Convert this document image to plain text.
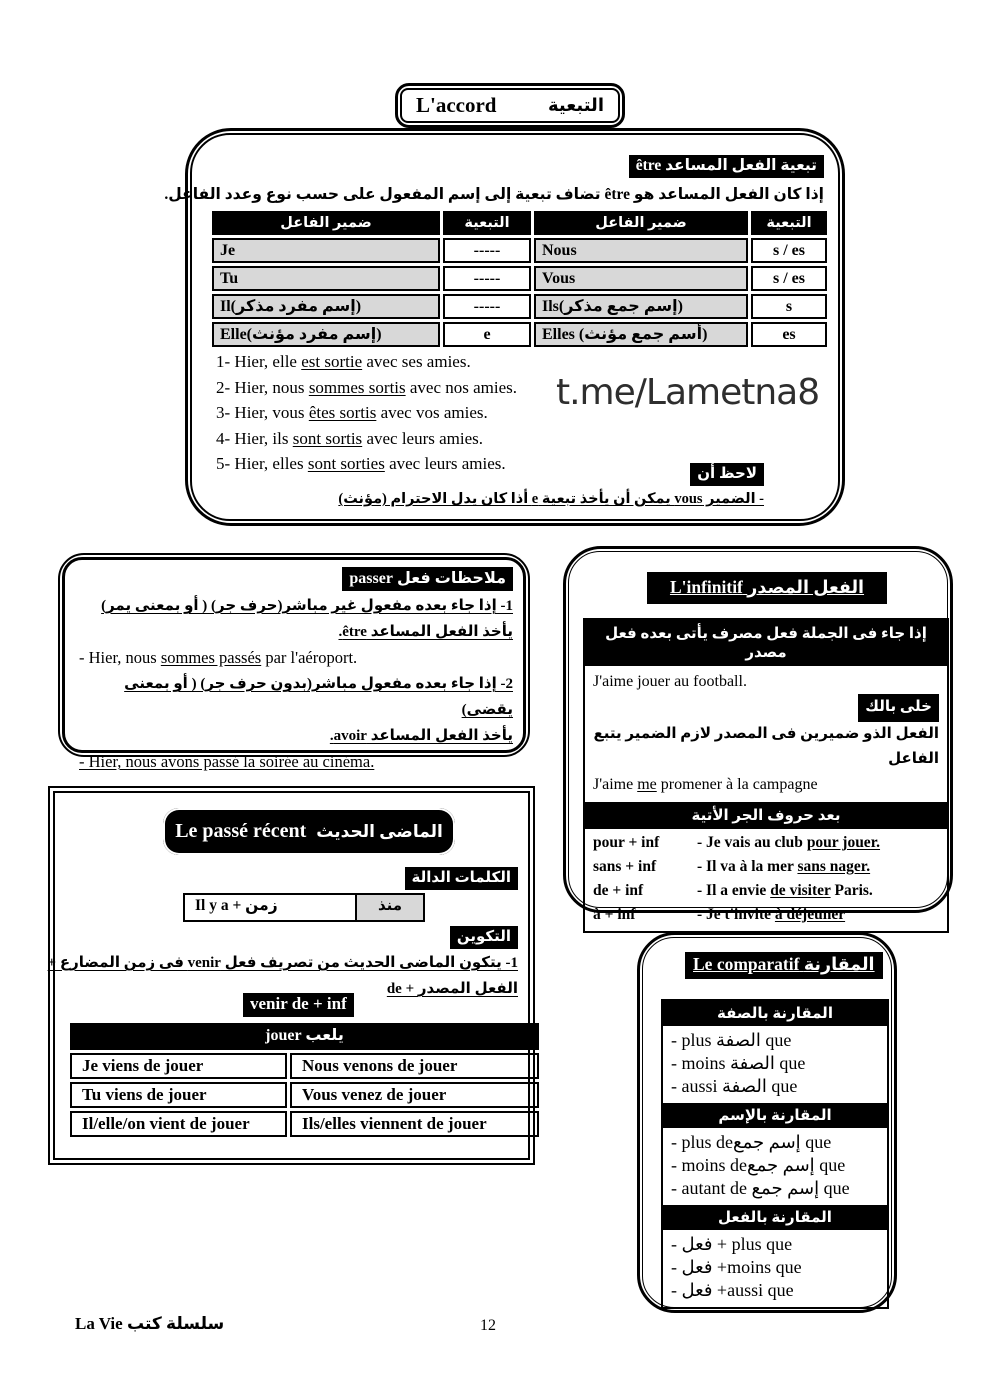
L'accord	التبعية
تبعية الفعل المساعد être
إذا كان الفعل المساعد هو être تضاف تبعية إلى إسم المفعول على حسب نوع وعدد الفاعل.
ضمير الفاعل	التبعية	ضمير الفاعل	التبعية
Je	-----	Nous	s / es
Tu	-----	Vous	s / es
Il(إسم مفرد مذكر)	-----	Ils(إسم جمع مذكر)	s
Elle(إسم مفرد مؤنث)	e	Elles (أسم جمع مؤنث)	es
1- Hier, elle est sortie avec ses amies.
2- Hier, nous sommes sortis avec nos amies.
3- Hier, vous êtes sortis avec vos amies.
4- Hier, ils sont sortis avec leurs amies.
5- Hier, elles sont sorties avec leurs amies.
لاحظ أن
- الضمير vous يمكن أن يأخذ تبعية e أذا كان يدل الاحترام (مؤنث)
t.me/Lametna8
ملاحظات فعل passer
1- إذا جاء بعده مفعول غير مباشر(حرف جر) ( أو بمعنى يمر)
يأخذ الفعل المساعد être.
- Hier, nous sommes passés par l'aéroport.
2- إذا جاء بعده مفعول مباشر(بدون حرف جر) ( أو بمعنى يقضى)
يأخذ الفعل المساعد avoir.
- Hier, nous avons passé la soirée au cinéma.
الفعل المصدر L'infinitif
إذا جاء فى الجملة فعل مصرف يأتى بعده فعل مصدر
J'aime jouer au football.
خلى بالك
الفعل الذو ضميرين فى المصدر لازم الضمير يتبع الفاعل
J'aime me promener à la campagne
بعد حروف الجر الأتية
pour + inf	- Je vais au club pour jouer.
sans + inf	- Il va à la mer sans nager.
de + inf	- Il a envie de visiter Paris.
à + inf	- Je t'invite à déjeuner
الماضى الحديث
Le passé récent
الكلمات الدالة
Il y a + زمن	منذ
التكوين
1- يتكون الماضى الحديث من تصريف فعل venir فى زمن المضارع +
de + الفعل المصدر
venir de + inf
jouer يلعب
Je viens de jouer	Nous venons de jouer
Tu viens de jouer	Vous venez de jouer
Il/elle/on vient de jouer	Ils/elles viennent de jouer
المقارنة Le comparatif
المقارنة بالصفة
- plus الصفة que
- moins الصفة que
- aussi الصفة que
المقارنة بالإسم
- plus deإسم جمع que
- moins deإسم جمع que
- autant de إسم جمع que
المقارنة بالفعل
- فعل + plus que
- فعل +moins que
- فعل +aussi que
La Vie سلسلة كتب	12
